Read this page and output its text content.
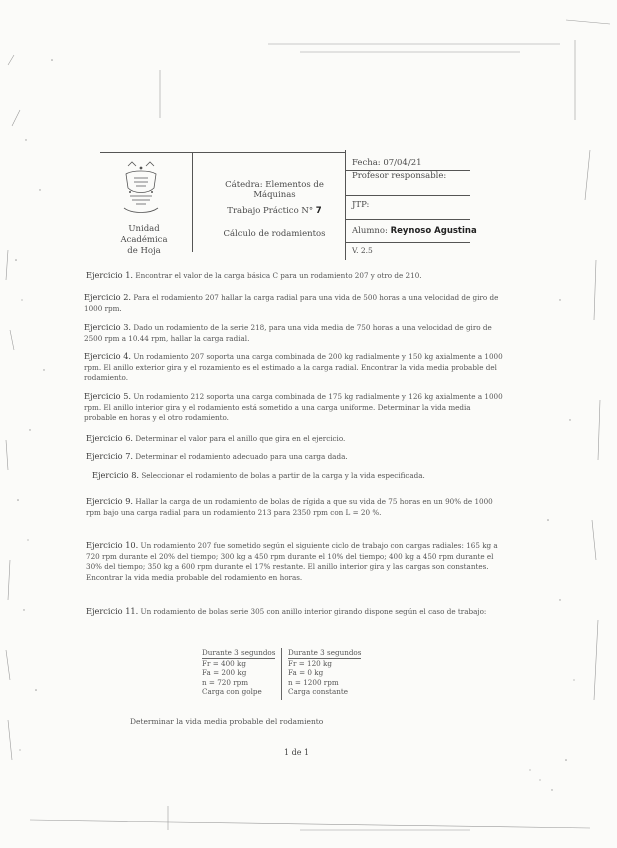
Unidad Académica
de Hoja
Cátedra: Elementos de Máquinas
Trabajo Práctico N° 7
Cálculo de rodamientos
Fecha: 07/04/21
Profesor responsable:
JTP:
Alumno: Reynoso Agustina
V. 2.5
Ejercicio 1. Encontrar el valor de la carga básica C para un rodamiento 207 y otro de 210.
Ejercicio 2. Para el rodamiento 207 hallar la carga radial para una vida de 500 horas a una velocidad de giro de 1000 rpm.
Ejercicio 3. Dado un rodamiento de la serie 218, para una vida media de 750 horas a una velocidad de giro de 2500 rpm a 10.44 rpm, hallar la carga radial.
Ejercicio 4. Un rodamiento 207 soporta una carga combinada de 200 kg radialmente y 150 kg axialmente a 1000 rpm. El anillo exterior gira y el rozamiento es el estimado a la carga radial. Encontrar la vida media probable del rodamiento.
Ejercicio 5. Un rodamiento 212 soporta una carga combinada de 175 kg radialmente y 126 kg axialmente a 1000 rpm. El anillo interior gira y el rodamiento está sometido a una carga uniforme. Determinar la vida media probable en horas y el otro rodamiento.
Ejercicio 6. Determinar el valor para el anillo que gira en el ejercicio.
Ejercicio 7. Determinar el rodamiento adecuado para una carga dada.
Ejercicio 8. Seleccionar el rodamiento de bolas a partir de la carga y la vida especificada.
Ejercicio 9. Hallar la carga de un rodamiento de bolas de rígida a que su vida de 75 horas en un 90% de 1000 rpm bajo una carga radial para un rodamiento 213 para 2350 rpm con L = 20 %.
Ejercicio 10. Un rodamiento 207 fue sometido según el siguiente ciclo de trabajo con cargas radiales: 165 kg a 720 rpm durante el 20% del tiempo; 300 kg a 450 rpm durante el 10% del tiempo; 400 kg a 450 rpm durante el 30% del tiempo; 350 kg a 600 rpm durante el 17% restante. El anillo interior gira y las cargas son constantes. Encontrar la vida media probable del rodamiento en horas.
Ejercicio 11. Un rodamiento de bolas serie 305 con anillo interior girando dispone según el caso de trabajo:
Durante 3 segundos
Fr = 400 kg
Fa = 200 kg
n = 720 rpm
Carga con golpe
Durante 3 segundos
Fr = 120 kg
Fa = 0 kg
n = 1200 rpm
Carga constante
Determinar la vida media probable del rodamiento
1 de 1
